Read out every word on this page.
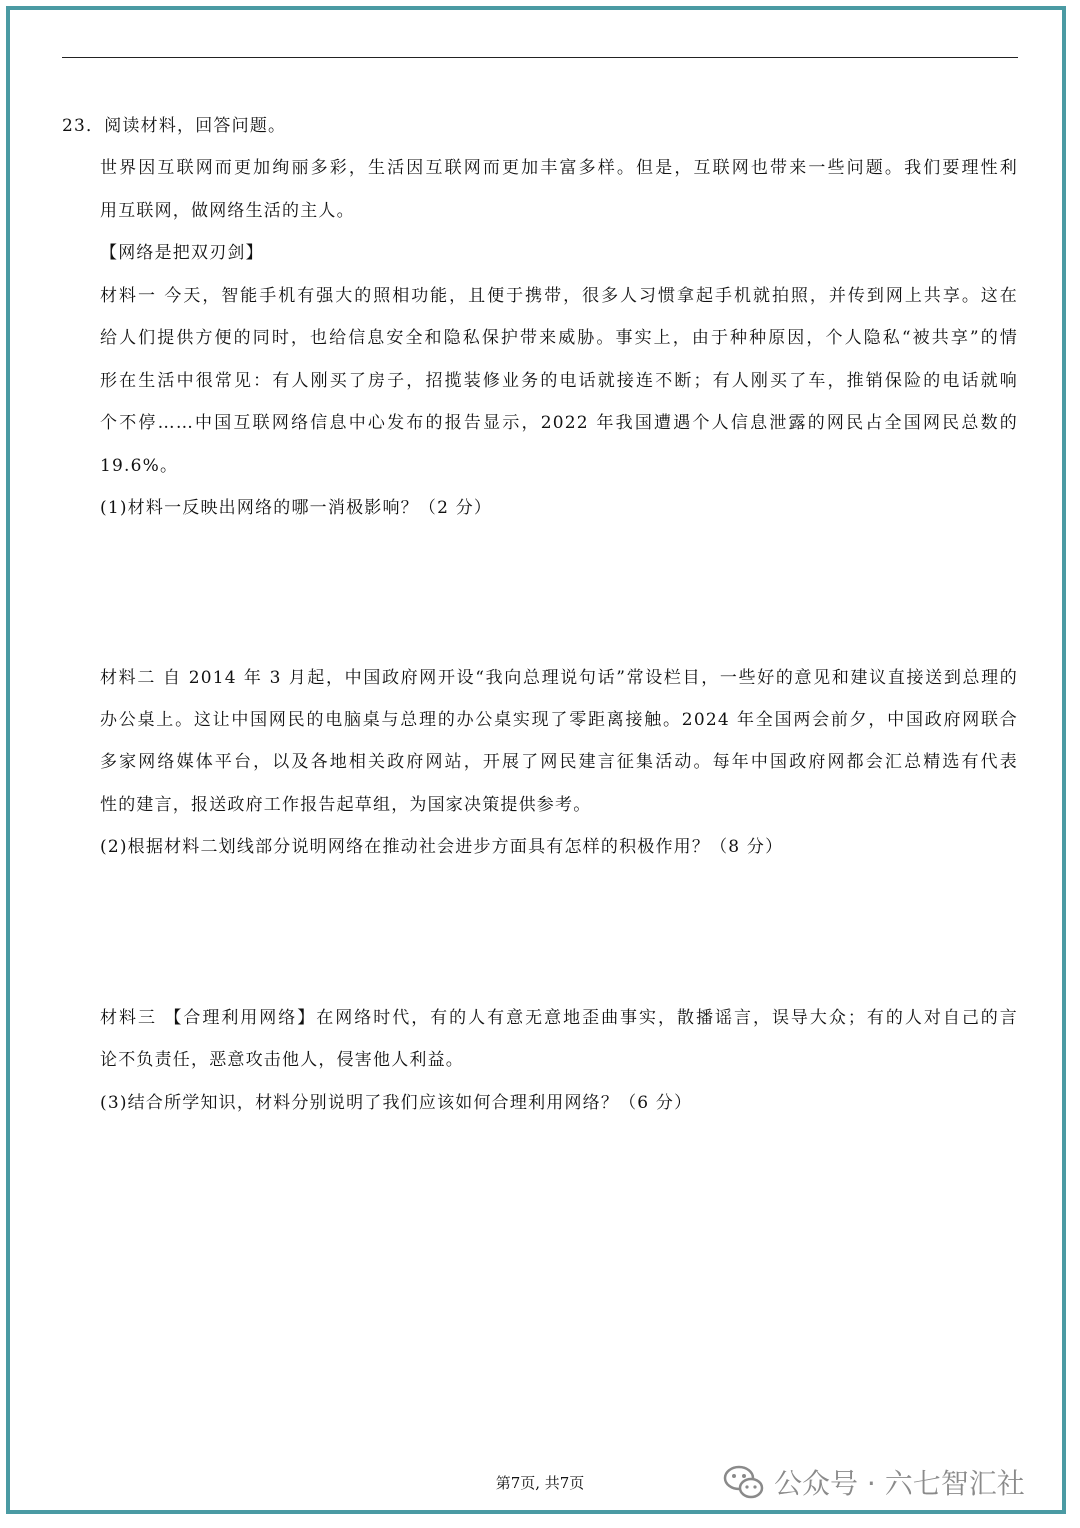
23．阅读材料，回答问题。
世界因互联网而更加绚丽多彩，生活因互联网而更加丰富多样。但是，互联网也带来一些问题。我们要理性利
用互联网，做网络生活的主人。
【网络是把双刃剑】
材料一 今天，智能手机有强大的照相功能，且便于携带，很多人习惯拿起手机就拍照，并传到网上共享。这在
给人们提供方便的同时，也给信息安全和隐私保护带来威胁。事实上，由于种种原因，个人隐私“被共享”的情
形在生活中很常见：有人刚买了房子，招揽装修业务的电话就接连不断；有人刚买了车，推销保险的电话就响
个不停……中国互联网络信息中心发布的报告显示，2022 年我国遭遇个人信息泄露的网民占全国网民总数的
19.6%。
(1)材料一反映出网络的哪一消极影响？（2 分）
材料二 自 2014 年 3 月起，中国政府网开设“我向总理说句话”常设栏目，一些好的意见和建议直接送到总理的
办公桌上。这让中国网民的电脑桌与总理的办公桌实现了零距离接触。2024 年全国两会前夕，中国政府网联合
多家网络媒体平台，以及各地相关政府网站，开展了网民建言征集活动。每年中国政府网都会汇总精选有代表
性的建言，报送政府工作报告起草组，为国家决策提供参考。
(2)根据材料二划线部分说明网络在推动社会进步方面具有怎样的积极作用？（8 分）
材料三 【合理利用网络】在网络时代，有的人有意无意地歪曲事实，散播谣言，误导大众；有的人对自己的言
论不负责任，恶意攻击他人，侵害他人利益。
(3)结合所学知识，材料分别说明了我们应该如何合理利用网络？（6 分）
第7页, 共7页	公众号 · 六七智汇社
